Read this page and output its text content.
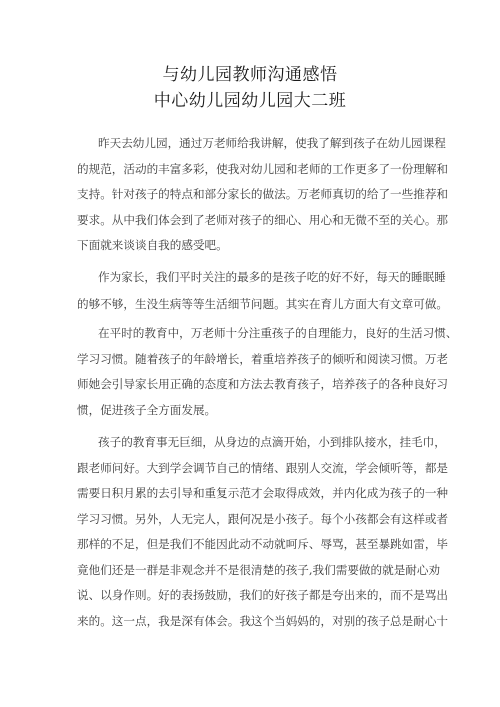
与幼儿园教师沟通感悟
中心幼儿园幼儿园大二班
昨天去幼儿园，通过万老师给我讲解，使我了解到孩子在幼儿园课程
的规范，活动的丰富多彩，使我对幼儿园和老师的工作更多了一份理解和
支持。针对孩子的特点和部分家长的做法。万老师真切的给了一些推荐和
要求。从中我们体会到了老师对孩子的细心、用心和无微不至的关心。那
下面就来谈谈自我的感受吧。
作为家长，我们平时关注的最多的是孩子吃的好不好，每天的睡眠睡
的够不够，生没生病等等生活细节问题。其实在育儿方面大有文章可做。
在平时的教育中，万老师十分注重孩子的自理能力，良好的生活习惯、
学习习惯。随着孩子的年龄增长，着重培养孩子的倾听和阅读习惯。万老
师她会引导家长用正确的态度和方法去教育孩子，培养孩子的各种良好习
惯，促进孩子全方面发展。
孩子的教育事无巨细，从身边的点滴开始，小到排队接水，挂毛巾，
跟老师问好。大到学会调节自己的情绪、跟别人交流，学会倾听等，都是
需要日积月累的去引导和重复示范才会取得成效，并内化成为孩子的一种
学习习惯。另外，人无完人，跟何况是小孩子。每个小孩都会有这样或者
那样的不足，但是我们不能因此动不动就呵斥、辱骂，甚至暴跳如雷，毕
竟他们还是一群是非观念并不是很清楚的孩子,我们需要做的就是耐心劝
说、以身作则。好的表扬鼓励，我们的好孩子都是夸出来的，而不是骂出
来的。这一点，我是深有体会。我这个当妈妈的，对别的孩子总是耐心十
